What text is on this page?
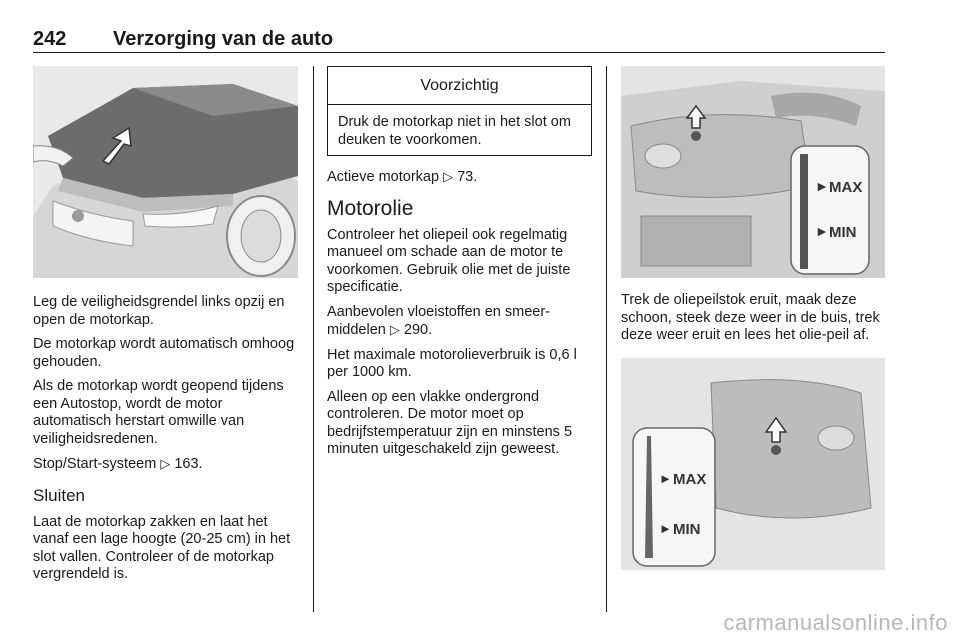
242 Verzorging van de auto

Leg de veiligheidsgrendel links opzij en open de motorkap.

De motorkap wordt automatisch omhoog gehouden.

Als de motorkap wordt geopend tijdens een Autostop, wordt de motor automatisch herstart omwille van veiligheidsredenen.

Stop/Start-systeem ▷ 163.

Sluiten

Laat de motorkap zakken en laat het vanaf een lage hoogte (20-25 cm) in het slot vallen. Controleer of de motorkap vergrendeld is.

Voorzichtig

Druk de motorkap niet in het slot om deuken te voorkomen.

Actieve motorkap ▷ 73.

Motorolie

Controleer het oliepeil ook regelmatig manueel om schade aan de motor te voorkomen. Gebruik olie met de juiste specificatie.

Aanbevolen vloeistoffen en smeer-middelen ▷ 290.

Het maximale motorolieverbruik is 0,6 l per 1000 km.

Alleen op een vlakke ondergrond controleren. De motor moet op bedrijfstemperatuur zijn en minstens 5 minuten uitgeschakeld zijn geweest.

► MAX
► MIN

Trek de oliepeilstok eruit, maak deze schoon, steek deze weer in de buis, trek deze weer eruit en lees het olie-peil af.

► MAX
► MIN
carmanualsonline.info
